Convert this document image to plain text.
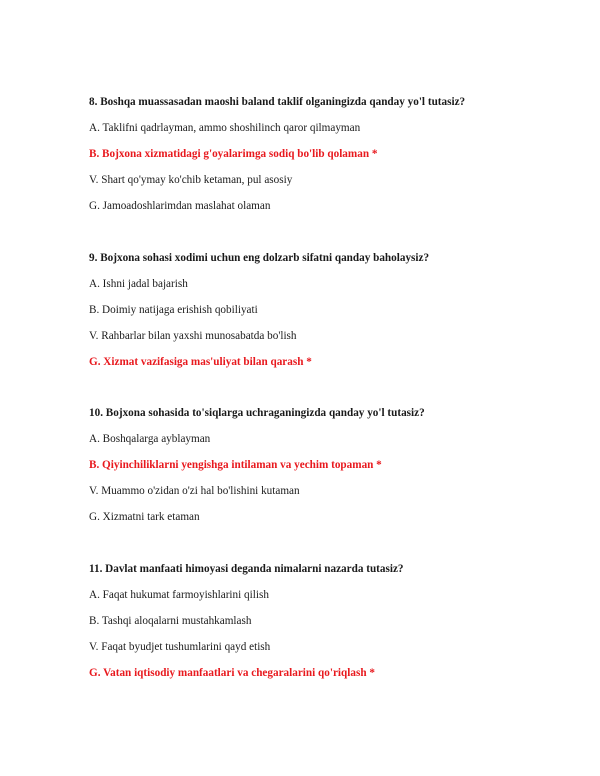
8. Boshqa muassasadan maoshi baland taklif olganingizda qanday yo'l tutasiz?

A. Taklifni qadrlayman, ammo shoshilinch qaror qilmayman
B. Bojxona xizmatidagi g'oyalarimga sodiq bo'lib qolaman *
V. Shart qo'ymay ko'chib ketaman, pul asosiy
G. Jamoadoshlarimdan maslahat olaman

9. Bojxona sohasi xodimi uchun eng dolzarb sifatni qanday baholaysiz?

A. Ishni jadal bajarish
B. Doimiy natijaga erishish qobiliyati
V. Rahbarlar bilan yaxshi munosabatda bo'lish
G. Xizmat vazifasiga mas'uliyat bilan qarash *

10. Bojxona sohasida to'siqlarga uchraganingizda qanday yo'l tutasiz?

A. Boshqalarga ayblayman
B. Qiyinchiliklarni yengishga intilaman va yechim topaman *
V. Muammo o'zidan o'zi hal bo'lishini kutaman
G. Xizmatni tark etaman

11. Davlat manfaati himoyasi deganda nimalarni nazarda tutasiz?

A. Faqat hukumat farmoyishlarini qilish
B. Tashqi aloqalarni mustahkamlash
V. Faqat byudjet tushumlarini qayd etish
G. Vatan iqtisodiy manfaatlari va chegaralarini qo'riqlash *
